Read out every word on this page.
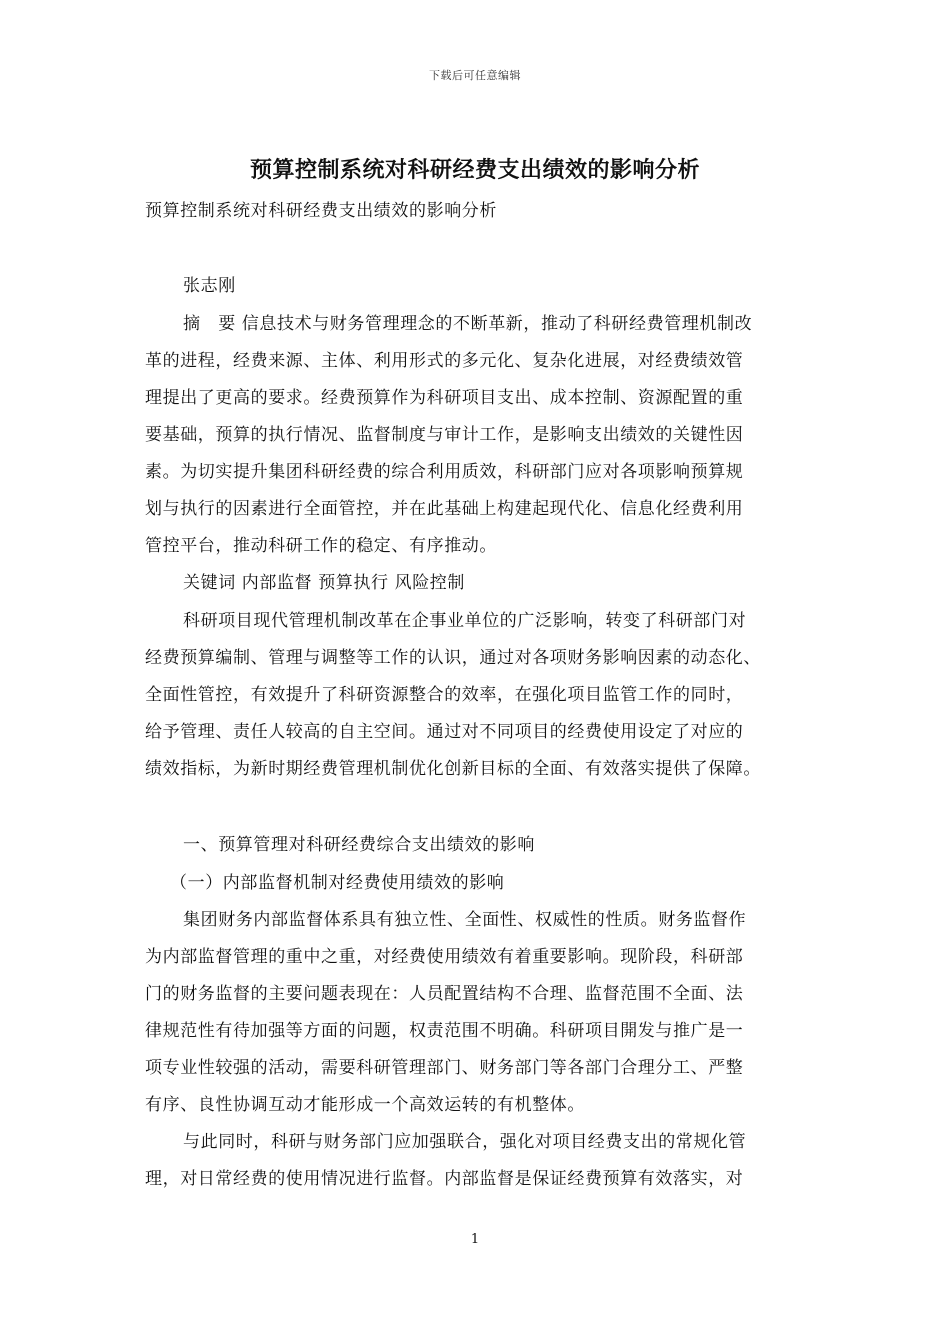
下载后可任意编辑
预算控制系统对科研经费支出绩效的影响分析
预算控制系统对科研经费支出绩效的影响分析
张志刚
摘　要 信息技术与财务管理理念的不断革新，推动了科研经费管理机制改
革的进程，经费来源、主体、利用形式的多元化、复杂化进展，对经费绩效管
理提出了更高的要求。经费预算作为科研项目支出、成本控制、资源配置的重
要基础，预算的执行情况、监督制度与审计工作，是影响支出绩效的关键性因
素。为切实提升集团科研经费的综合利用质效，科研部门应对各项影响预算规
划与执行的因素进行全面管控，并在此基础上构建起现代化、信息化经费利用
管控平台，推动科研工作的稳定、有序推动。
关键词 内部监督 预算执行 风险控制
科研项目现代管理机制改革在企事业单位的广泛影响，转变了科研部门对
经费预算编制、管理与调整等工作的认识，通过对各项财务影响因素的动态化、
全面性管控，有效提升了科研资源整合的效率，在强化项目监管工作的同时，
给予管理、责任人较高的自主空间。通过对不同项目的经费使用设定了对应的
绩效指标，为新时期经费管理机制优化创新目标的全面、有效落实提供了保障。
一、预算管理对科研经费综合支出绩效的影响
（一）内部监督机制对经费使用绩效的影响
集团财务内部监督体系具有独立性、全面性、权威性的性质。财务监督作
为内部监督管理的重中之重，对经费使用绩效有着重要影响。现阶段，科研部
门的财务监督的主要问题表现在：人员配置结构不合理、监督范围不全面、法
律规范性有待加强等方面的问题，权责范围不明确。科研项目開发与推广是一
项专业性较强的活动，需要科研管理部门、财务部门等各部门合理分工、严整
有序、良性协调互动才能形成一个高效运转的有机整体。
与此同时，科研与财务部门应加强联合，强化对项目经费支出的常规化管
理，对日常经费的使用情况进行监督。内部监督是保证经费预算有效落实，对
1
